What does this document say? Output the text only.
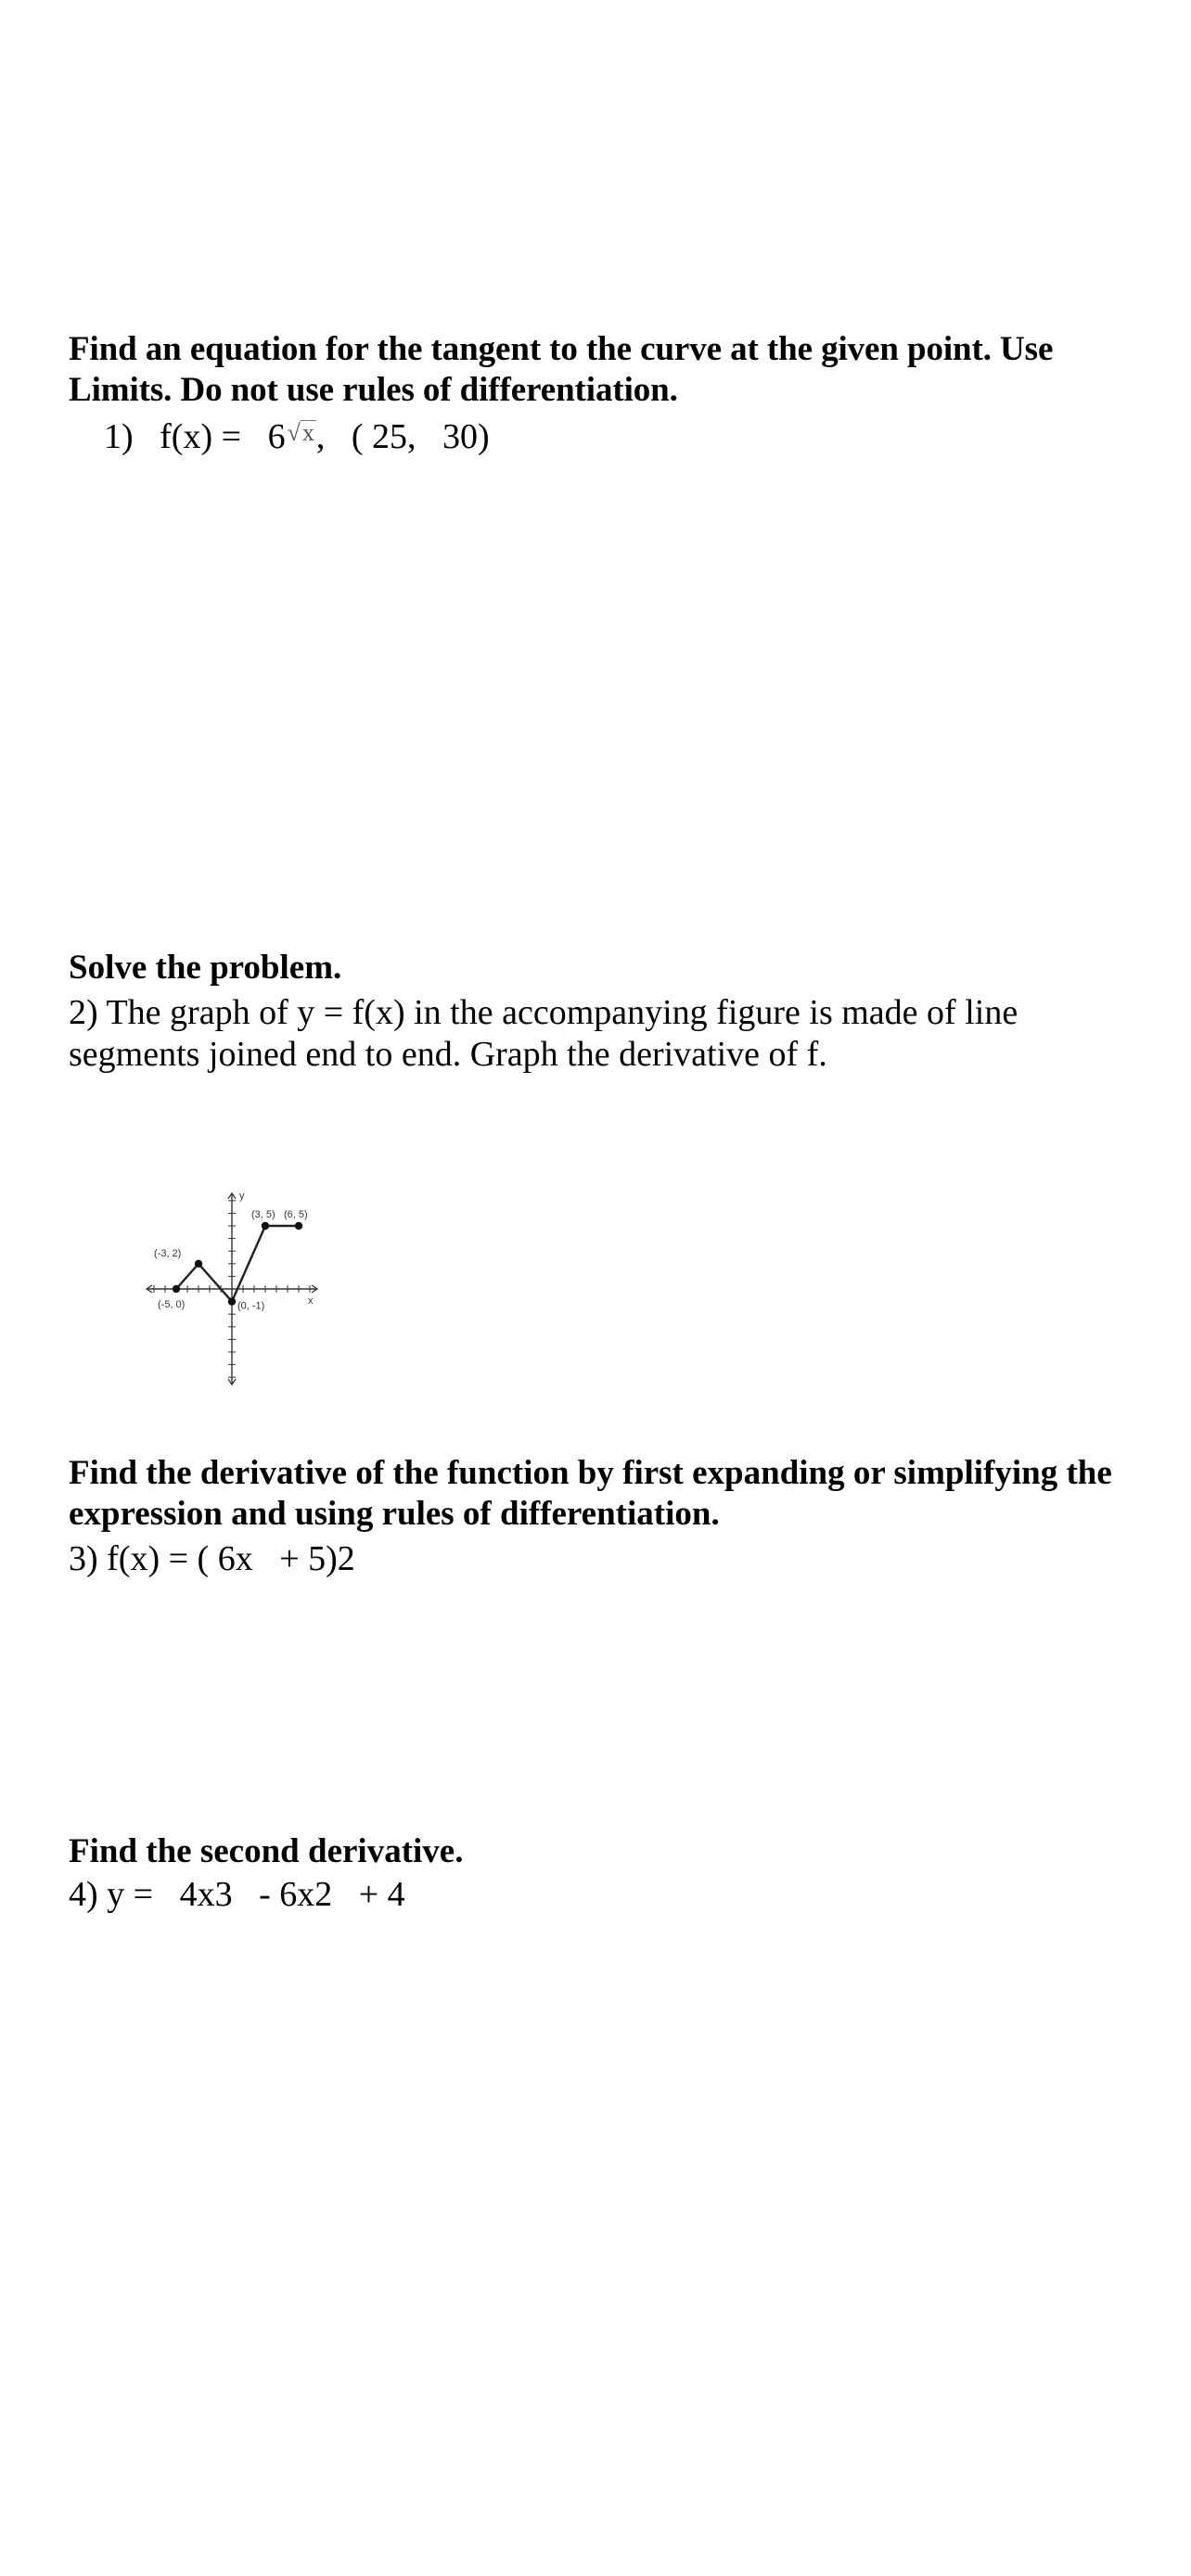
Find an equation for the tangent to the curve at the given point. Use Limits. Do not use rules of differentiation.

1) f(x) = 6√x, ( 25,   30)

Solve the problem.

2) The graph of y = f(x) in the accompanying figure is made of line segments joined end to end. Graph the derivative of f.

y
x
(-5, 0)
(-3, 2)
(0, -1)
(3, 5) (6, 5)

Find the derivative of the function by first expanding or simplifying the expression and using rules of differentiation.

3) f(x) = ( 6x   + 5)2

Find the second derivative.

4) y =   4x3   - 6x2   + 4
